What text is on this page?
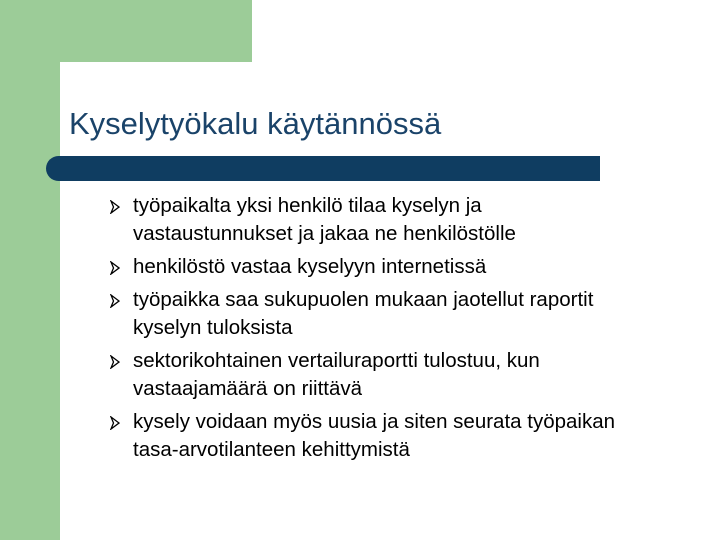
Kyselytyökalu käytännössä
työpaikalta yksi henkilö tilaa kyselyn ja vastaustunnukset ja jakaa ne henkilöstölle
henkilöstö vastaa kyselyyn internetissä
työpaikka saa sukupuolen mukaan jaotellut raportit kyselyn tuloksista
sektorikohtainen vertailuraportti tulostuu, kun vastaajamäärä on riittävä
kysely voidaan myös uusia ja siten seurata työpaikan tasa-arvotilanteen kehittymistä
